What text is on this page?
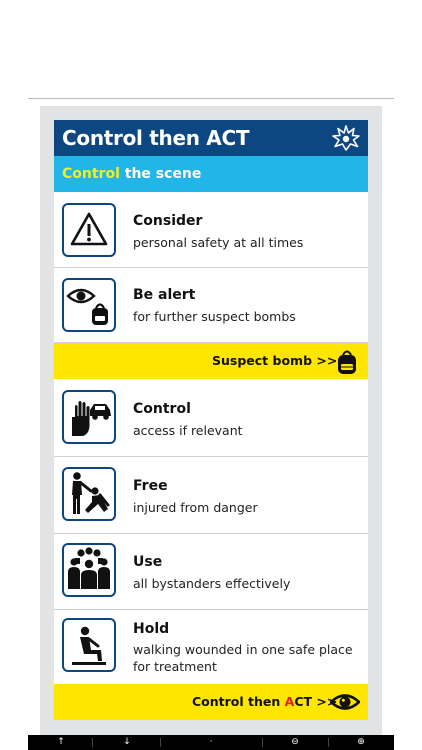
Control then ACT
Control the scene
Consider
personal safety at all times
Be alert
for further suspect bombs
Suspect bomb >>
Control
access if relevant
Free
injured from danger
Use
all bystanders effectively
Hold
walking wounded in one safe place for treatment
Control then ACT >>
↑	↓	·	⊖	⊕
